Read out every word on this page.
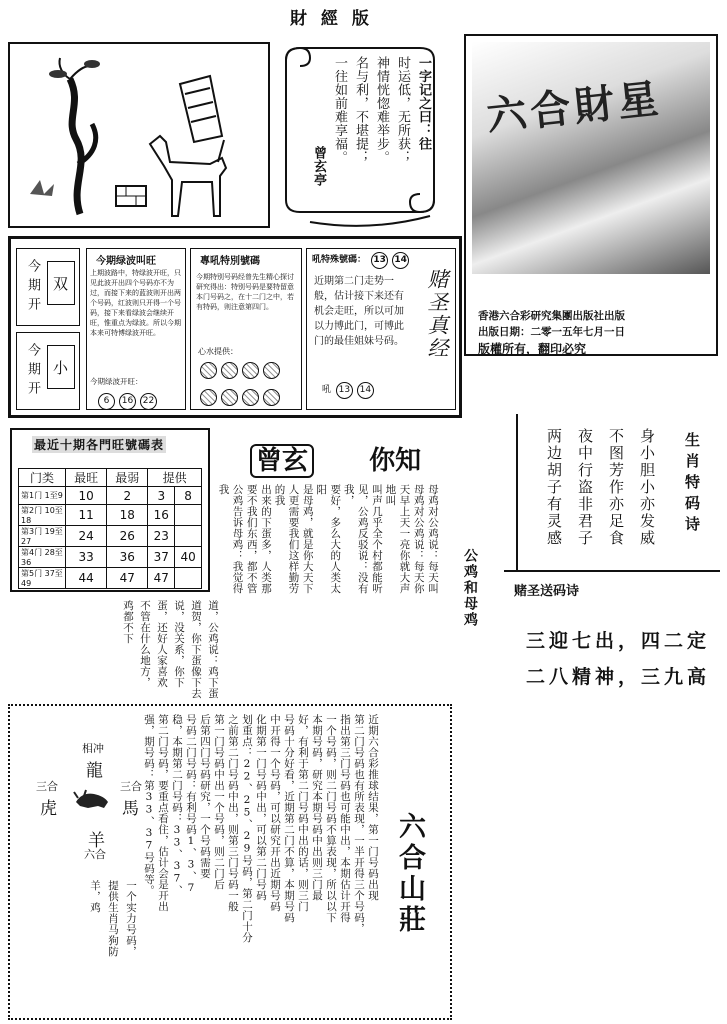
財 經 版
一字记之曰：往
时运低，无所获；
神情恍惚难举步。
名与利，不堪提；
一往如前难享福。
曾玄亭
六合財星
香港六合彩研究集團出版社出版
出版日期：二零一五年七月一日
版權所有，翻印必究
今期开 双
今期开 小
今期绿波叫旺
上期波路中，特绿波开旺，只见此波开出四个号码亦不为过，而接下来的蓝波则开出两个号码，红波则只开得一个号码，接下来看绿波会继续开旺，惟重点为绿波。所以今期本来可特博绿波开旺。
今期绿波开旺：
6 16 22
專吼特別號碼
今期特别号码经曾先生精心探讨研究得出：特别号码是要特留意本门号码之，在十二门之中，若有特码，则注意第四门。
心水提供：

吼特殊號碼： 13 14
近期第二门走势一般，估计接下来还有机会走旺，所以可加以力博此门，可博此门的最佳姐妹号码。
吼 13 14
赌圣真经
最近十期各門旺號碼表
门类	最旺	最弱	提供	
第1门 1至9	10	2	3	8
第2门 10至18	11	18	16	
第3门 19至27	24	26	23	
第4门 28至36	33	36	37	40
第5门 37至49	44	47	47	
曾玄 你知
母鸡对公鸡说：每天叫
母鸡对公鸡说：每天你
天早上天一亮你就大声地叫
叫声几乎全个村都能听
见，公鸡反驳说：没有我，
要好，多么大的人类太阳
是母鸡，就是你大天下
人更需要我们这样勤劳的我
出来的下蛋多，人类那
要不我们东西，都不管
公鸡告诉母鸡：我觉得我
公鸡和母鸡
道，公鸡说：鸡下蛋
道贺，你下蛋像下去
说，没关系，你下
蛋，还好人家喜欢
不管在什么地方，
鸡都不下
生肖特码诗
身小胆小亦发威
不图芳作亦足食
夜中行盗非君子
两边胡子有灵感
赌圣送码诗
三迎七出，四二定
二八精神，三九高
相冲
龍
三合
虎
三合
馬
羊
六合
一个实力号码，
提供生肖马狗防
羊，鸡	近期六合彩推球结果，第一门号码出现
第二门号码也有所表现，一半开得三个号码，
指出第三门号码也可能中出，本期估计开得
一个号码，则二门号码不算表现，所以以下
本期号码，研究本期号码中出则三门最
好，有利于第二门号码中出的话，则三门
号码十分好看，近期第二门不算，本期号码
中开得一个号码，可以研究开出近期号码
化期第一门号码中出，可以第二门号码
划重点：22、25、29号码，第二门十分
之前第二门号码中出，则第三门号码一般
第一门号码中出一个号码，则二门后
后第四门号码研究，一个号码需要
号码二门号码：有利号码1、3、7
稳，本期第二门号码：33、37、
第二门号码，要重点看住，估计会是开出
强，期号码：第33、37号码等。	六合山莊
